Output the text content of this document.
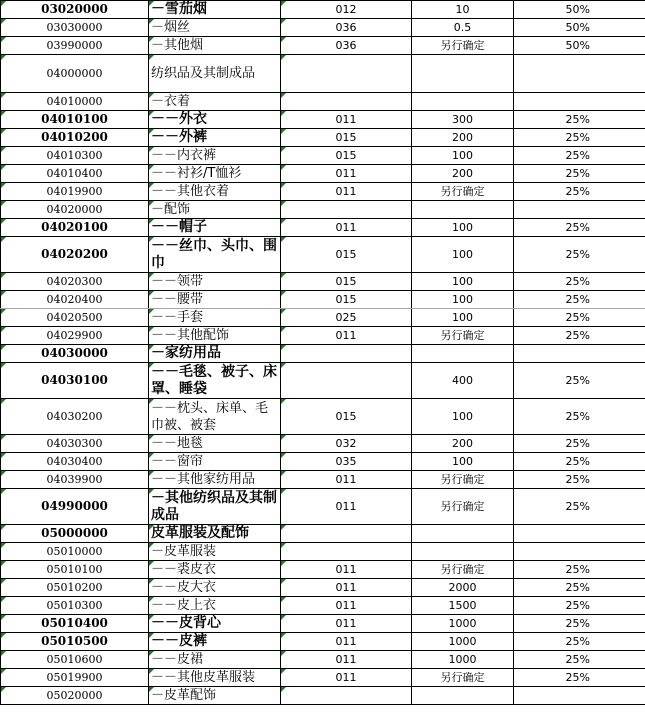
03020000	－雪茄烟	012	10	50%
03030000	－烟丝	036	0.5	50%
03990000	－其他烟	036	另行确定	50%
04000000	纺织品及其制成品			
04010000	－衣着			
04010100	－－外衣	011	300	25%
04010200	－－外裤	015	200	25%
04010300	－－内衣裤	015	100	25%
04010400	－－衬衫/T恤衫	011	200	25%
04019900	－－其他衣着	011	另行确定	25%
04020000	－配饰			
04020100	－－帽子	011	100	25%
04020200	－－丝巾、头巾、围巾	015	100	25%
04020300	－－领带	015	100	25%
04020400	－－腰带	015	100	25%
04020500	－－手套	025	100	25%
04029900	－－其他配饰	011	另行确定	25%
04030000	－家纺用品			
04030100	－－毛毯、被子、床罩、睡袋		400	25%
04030200	－－枕头、床单、毛巾被、被套	015	100	25%
04030300	－－地毯	032	200	25%
04030400	－－窗帘	035	100	25%
04039900	－－其他家纺用品	011	另行确定	25%
04990000	－其他纺织品及其制成品	011	另行确定	25%
05000000	皮革服装及配饰			
05010000	－皮革服装			
05010100	－－裘皮衣	011	另行确定	25%
05010200	－－皮大衣	011	2000	25%
05010300	－－皮上衣	011	1500	25%
05010400	－－皮背心	011	1000	25%
05010500	－－皮裤	011	1000	25%
05010600	－－皮裙	011	1000	25%
05019900	－－其他皮革服装	011	另行确定	25%
05020000	－皮革配饰			
